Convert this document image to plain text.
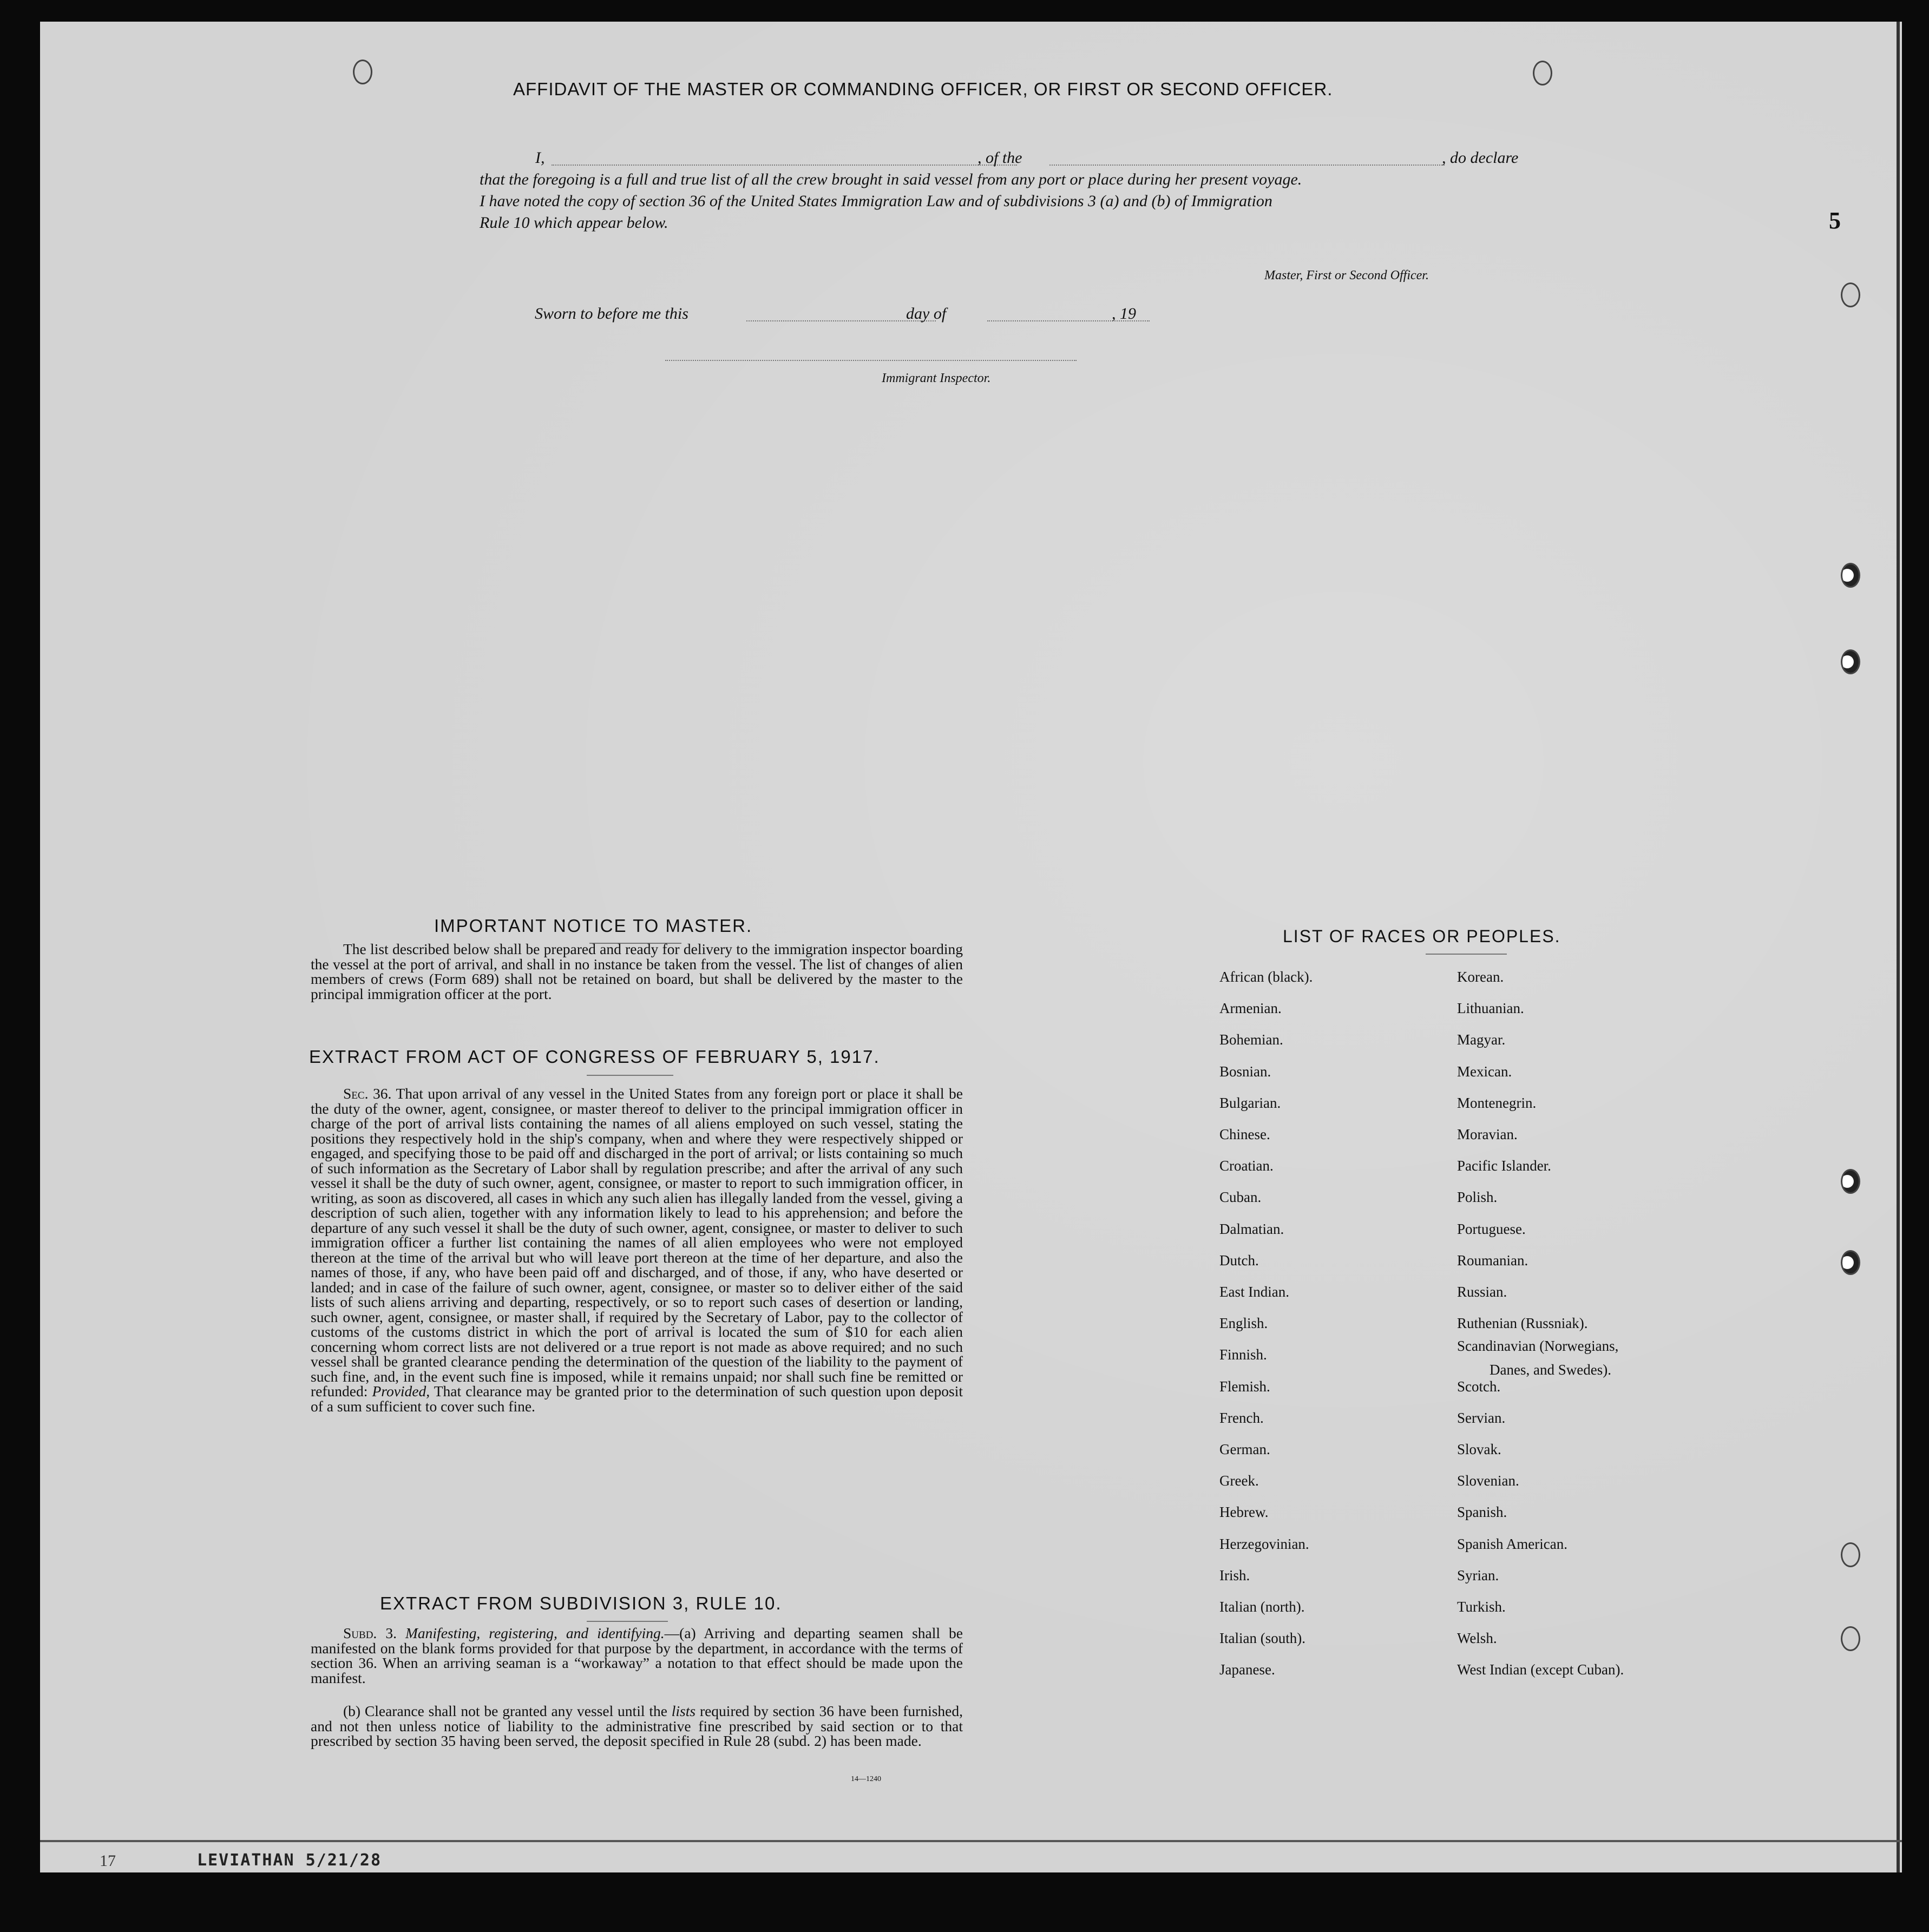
5
AFFIDAVIT OF THE MASTER OR COMMANDING OFFICER, OR FIRST OR SECOND OFFICER.
I,	, of the	, do declare
that the foregoing is a full and true list of all the crew brought in said vessel from any port or place during her present voyage.
I have noted the copy of section 36 of the United States Immigration Law and of subdivisions 3 (a) and (b) of Immigration
Rule 10 which appear below.
Master, First or Second Officer.
Sworn to before me this	day of	, 19
Immigrant Inspector.
IMPORTANT NOTICE TO MASTER.

The list described below shall be prepared and ready for delivery to the immigration inspector boarding the vessel at the port of arrival, and shall in no instance be taken from the vessel. The list of changes of alien members of crews (Form 689) shall not be retained on board, but shall be delivered by the master to the principal immigration officer at the port.

EXTRACT FROM ACT OF CONGRESS OF FEBRUARY 5, 1917.

Sec. 36. That upon arrival of any vessel in the United States from any foreign port or place it shall be the duty of the owner, agent, consignee, or master thereof to deliver to the principal immigration officer in charge of the port of arrival lists containing the names of all aliens employed on such vessel, stating the positions they respectively hold in the ship's company, when and where they were respectively shipped or engaged, and specifying those to be paid off and discharged in the port of arrival; or lists containing so much of such information as the Secretary of Labor shall by regulation prescribe; and after the arrival of any such vessel it shall be the duty of such owner, agent, consignee, or master to report to such immigration officer, in writing, as soon as discovered, all cases in which any such alien has illegally landed from the vessel, giving a description of such alien, together with any information likely to lead to his apprehension; and before the departure of any such vessel it shall be the duty of such owner, agent, consignee, or master to deliver to such immigration officer a further list containing the names of all alien employees who were not employed thereon at the time of the arrival but who will leave port thereon at the time of her departure, and also the names of those, if any, who have been paid off and discharged, and of those, if any, who have deserted or landed; and in case of the failure of such owner, agent, consignee, or master so to deliver either of the said lists of such aliens arriving and departing, respectively, or so to report such cases of desertion or landing, such owner, agent, consignee, or master shall, if required by the Secretary of Labor, pay to the collector of customs of the customs district in which the port of arrival is located the sum of $10 for each alien concerning whom correct lists are not delivered or a true report is not made as above required; and no such vessel shall be granted clearance pending the determination of the question of the liability to the payment of such fine, and, in the event such fine is imposed, while it remains unpaid; nor shall such fine be remitted or refunded: Provided, That clearance may be granted prior to the determination of such question upon deposit of a sum sufficient to cover such fine.

EXTRACT FROM SUBDIVISION 3, RULE 10.

Subd. 3. Manifesting, registering, and identifying.—(a) Arriving and departing seamen shall be manifested on the blank forms provided for that purpose by the department, in accordance with the terms of section 36. When an arriving seaman is a “workaway” a notation to that effect should be made upon the manifest.

(b) Clearance shall not be granted any vessel until the lists required by section 36 have been furnished, and not then unless notice of liability to the administrative fine prescribed by said section or to that prescribed by section 35 having been served, the deposit specified in Rule 28 (subd. 2) has been made.

14—1240
LIST OF RACES OR PEOPLES.
African (black).
Armenian.
Bohemian.
Bosnian.
Bulgarian.
Chinese.
Croatian.
Cuban.
Dalmatian.
Dutch.
East Indian.
English.
Finnish.
Flemish.
French.
German.
Greek.
Hebrew.
Herzegovinian.
Irish.
Italian (north).
Italian (south).
Japanese.
Korean.
Lithuanian.
Magyar.
Mexican.
Montenegrin.
Moravian.
Pacific Islander.
Polish.
Portuguese.
Roumanian.
Russian.
Ruthenian (Russniak).
Scandinavian (Norwegians,
Danes, and Swedes).
Scotch.
Servian.
Slovak.
Slovenian.
Spanish.
Spanish American.
Syrian.
Turkish.
Welsh.
West Indian (except Cuban).
17	LEVIATHAN 5/21/28
